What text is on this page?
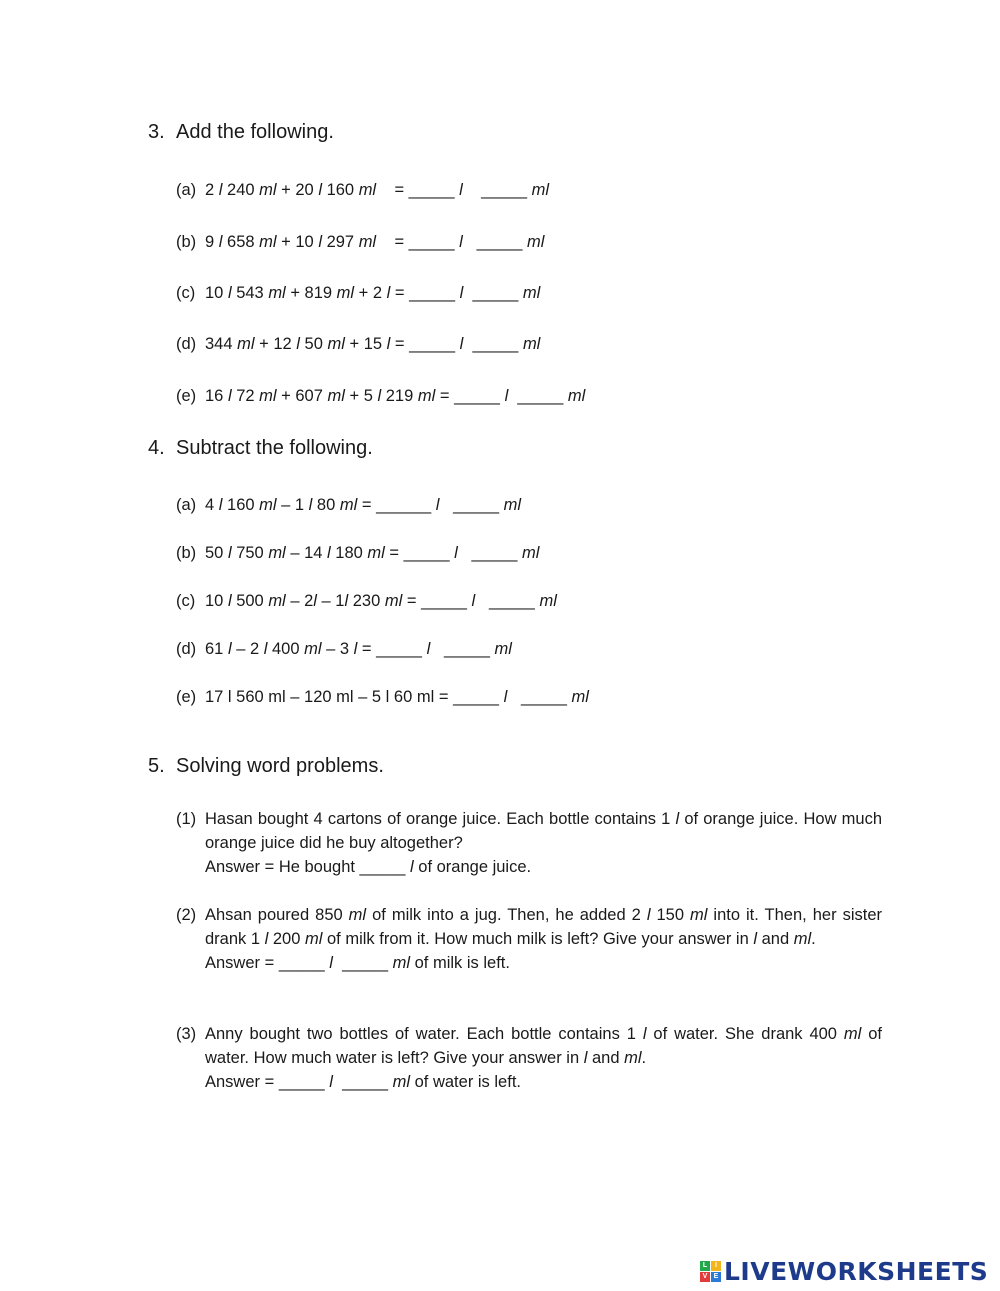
3. Add the following.
(a) 2 l 240 ml + 20 l 160 ml    = _____ l    _____ ml
(b) 9 l 658 ml + 10 l 297 ml    = _____ l   _____ ml
(c) 10 l 543 ml + 819 ml + 2 l = _____ l  _____ ml
(d) 344 ml + 12 l 50 ml + 15 l = _____ l  _____ ml
(e) 16 l 72 ml + 607 ml + 5 l 219 ml = _____ l  _____ ml
4. Subtract the following.
(a) 4 l 160 ml – 1 l 80 ml = ______ l   _____ ml
(b) 50 l 750 ml – 14 l 180 ml = _____ l   _____ ml
(c) 10 l 500 ml – 2l – 1l 230 ml = _____ l   _____ ml
(d) 61 l – 2 l 400 ml – 3 l = _____ l   _____ ml
(e) 17 l 560 ml – 120 ml – 5 l 60 ml = _____ l   _____ ml
5. Solving word problems.
(1) Hasan bought 4 cartons of orange juice. Each bottle contains 1 l of orange juice. How much orange juice did he buy altogether?
Answer = He bought _____ l of orange juice.
(2) Ahsan poured 850 ml of milk into a jug. Then, he added 2 l 150 ml into it. Then, her sister drank 1 l 200 ml of milk from it. How much milk is left? Give your answer in l and ml.
Answer = _____ l  _____ ml of milk is left.
(3) Anny bought two bottles of water. Each bottle contains 1 l of water. She drank 400 ml of water. How much water is left? Give your answer in l and ml.
Answer = _____ l  _____ ml of water is left.
L	I
V E LIVEWORKSHEETS
